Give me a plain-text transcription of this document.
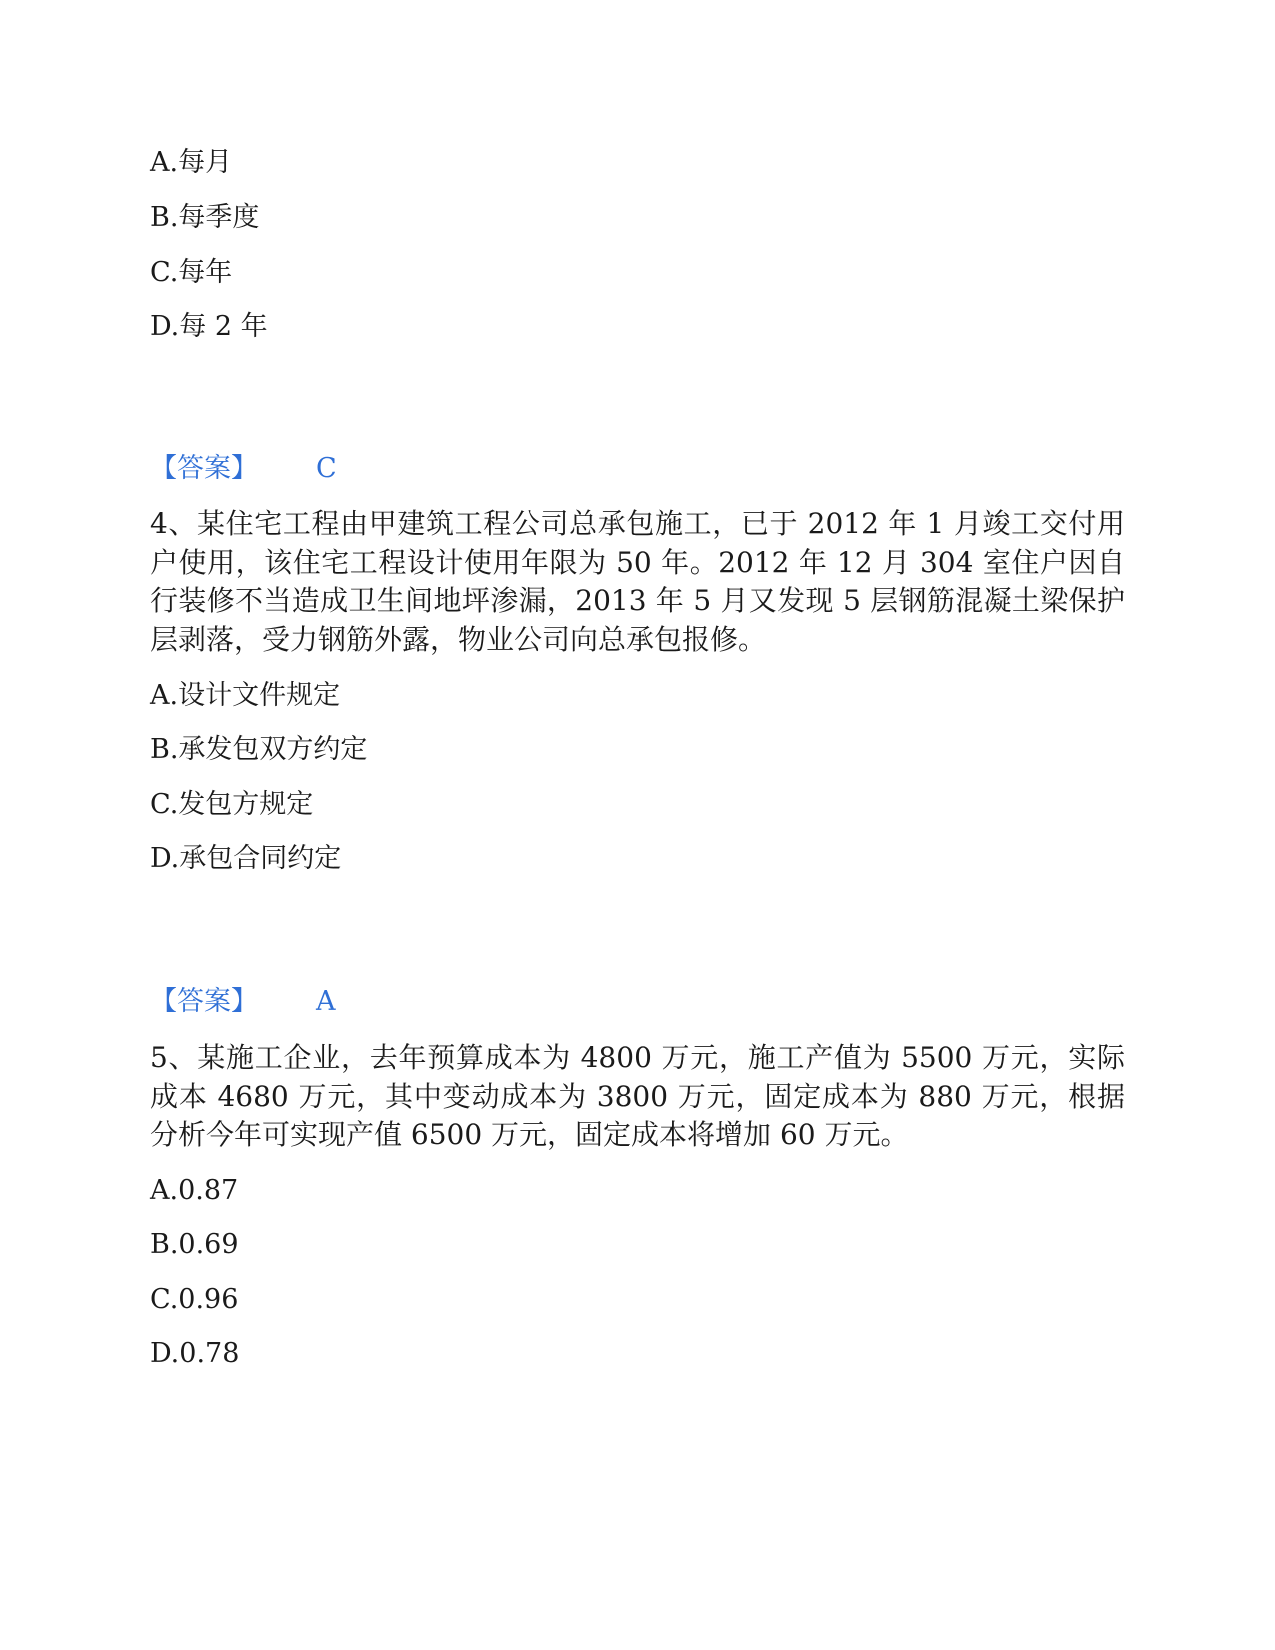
A.每月
B.每季度
C.每年
D.每 2 年
【答案】 C
4、某住宅工程由甲建筑工程公司总承包施工，已于 2012 年 1 月竣工交付用户使用，该住宅工程设计使用年限为 50 年。2012 年 12 月 304 室住户因自行装修不当造成卫生间地坪渗漏，2013 年 5 月又发现 5 层钢筋混凝土梁保护层剥落，受力钢筋外露，物业公司向总承包报修。
A.设计文件规定
B.承发包双方约定
C.发包方规定
D.承包合同约定
【答案】 A
5、某施工企业，去年预算成本为 4800 万元，施工产值为 5500 万元，实际成本 4680 万元，其中变动成本为 3800 万元，固定成本为 880 万元，根据分析今年可实现产值 6500 万元，固定成本将增加 60 万元。
A.0.87
B.0.69
C.0.96
D.0.78
